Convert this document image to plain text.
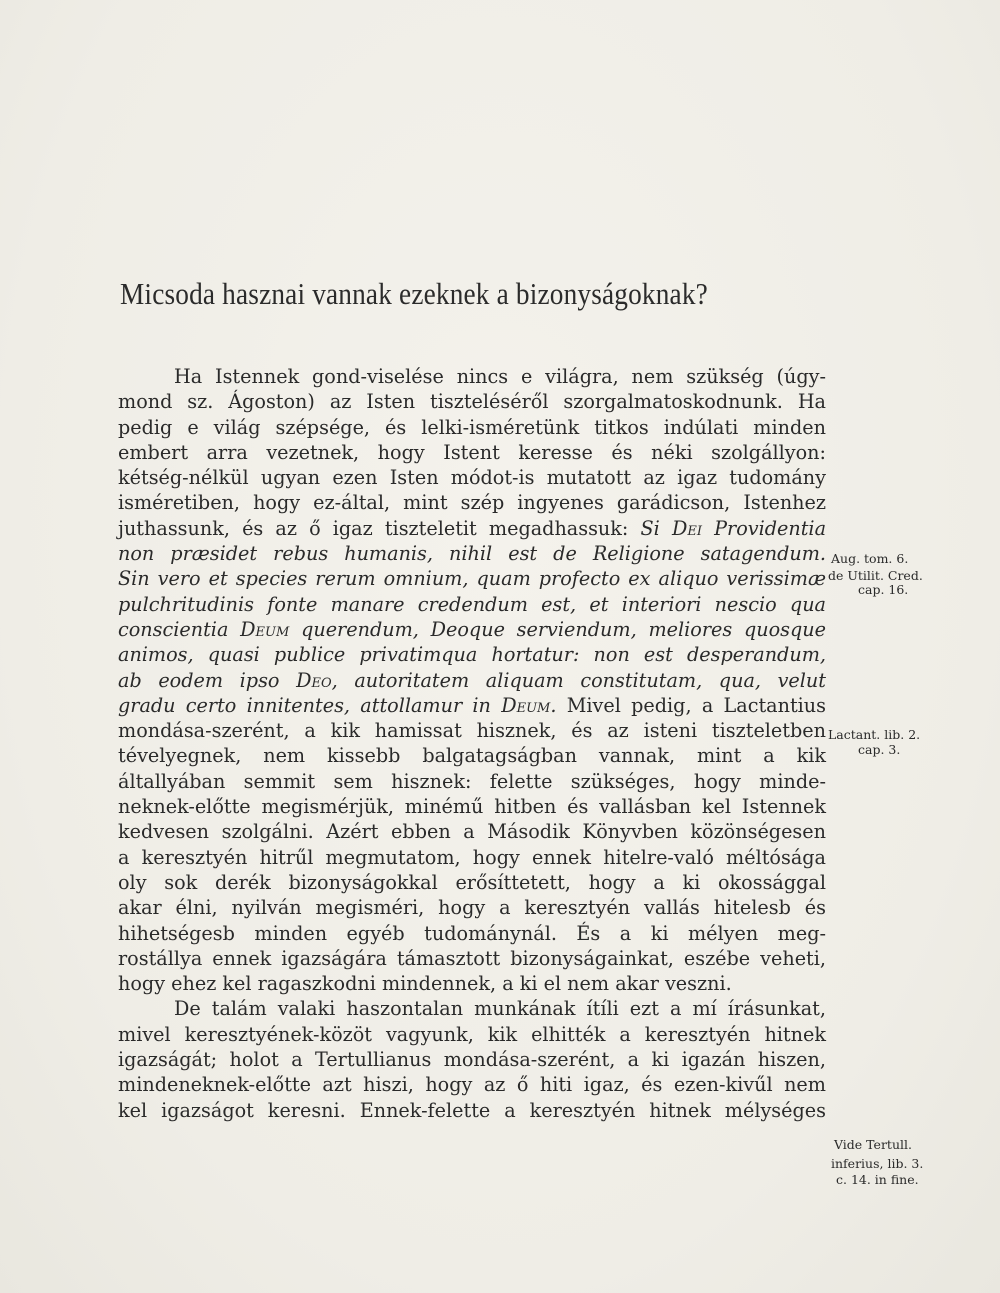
Micsoda hasznai vannak ezeknek a bizonyságoknak?
Ha Istennek gond-viselése nincs e világra, nem szükség (úgy-
mond sz. Ágoston) az Isten tiszteléséről szorgalmatoskodnunk. Ha
pedig e világ szépsége, és lelki-isméretünk titkos indúlati minden
embert arra vezetnek, hogy Istent keresse és néki szolgállyon:
kétség-nélkül ugyan ezen Isten módot-is mutatott az igaz tudomány
isméretiben, hogy ez-által, mint szép ingyenes garádicson, Istenhez
juthassunk, és az ő igaz tiszteletit megadhassuk: Si Dei Providentia
non præsidet rebus humanis, nihil est de Religione satagendum.
Sin vero et species rerum omnium, quam profecto ex aliquo verissimæ
pulchritudinis fonte manare credendum est, et interiori nescio qua
conscientia Deum querendum, Deoque serviendum, meliores quosque
animos, quasi publice privatimqua hortatur: non est desperandum,
ab eodem ipso Deo, autoritatem aliquam constitutam, qua, velut
gradu certo innitentes, attollamur in Deum. Mivel pedig, a Lactantius
mondása-szerént, a kik hamissat hisznek, és az isteni tiszteletben
tévelyegnek, nem kissebb balgatagságban vannak, mint a kik
általlyában semmit sem hisznek: felette szükséges, hogy minde-
neknek-előtte megismérjük, minémű hitben és vallásban kel Istennek
kedvesen szolgálni. Azért ebben a Második Könyvben közönségesen
a keresztyén hitrűl megmutatom, hogy ennek hitelre-való méltósága
oly sok derék bizonyságokkal erősíttetett, hogy a ki okossággal
akar élni, nyilván megisméri, hogy a keresztyén vallás hitelesb és
hihetségesb minden egyéb tudománynál. És a ki mélyen meg-
rostállya ennek igazságára támasztott bizonyságainkat, eszébe veheti,
hogy ehez kel ragaszkodni mindennek, a ki el nem akar veszni.
De talám valaki haszontalan munkának ítíli ezt a mí írásunkat,
mivel keresztyének-közöt vagyunk, kik elhitték a keresztyén hitnek
igazságát; holot a Tertullianus mondása-szerént, a ki igazán hiszen,
mindeneknek-előtte azt hiszi, hogy az ő hiti igaz, és ezen-kivűl nem
kel igazságot keresni. Ennek-felette a keresztyén hitnek mélységes
Aug. tom. 6.
de Utilit. Cred.
cap. 16.
Lactant. lib. 2.
cap. 3.
Vide Tertull.
inferius, lib. 3.
c. 14. in fine.
